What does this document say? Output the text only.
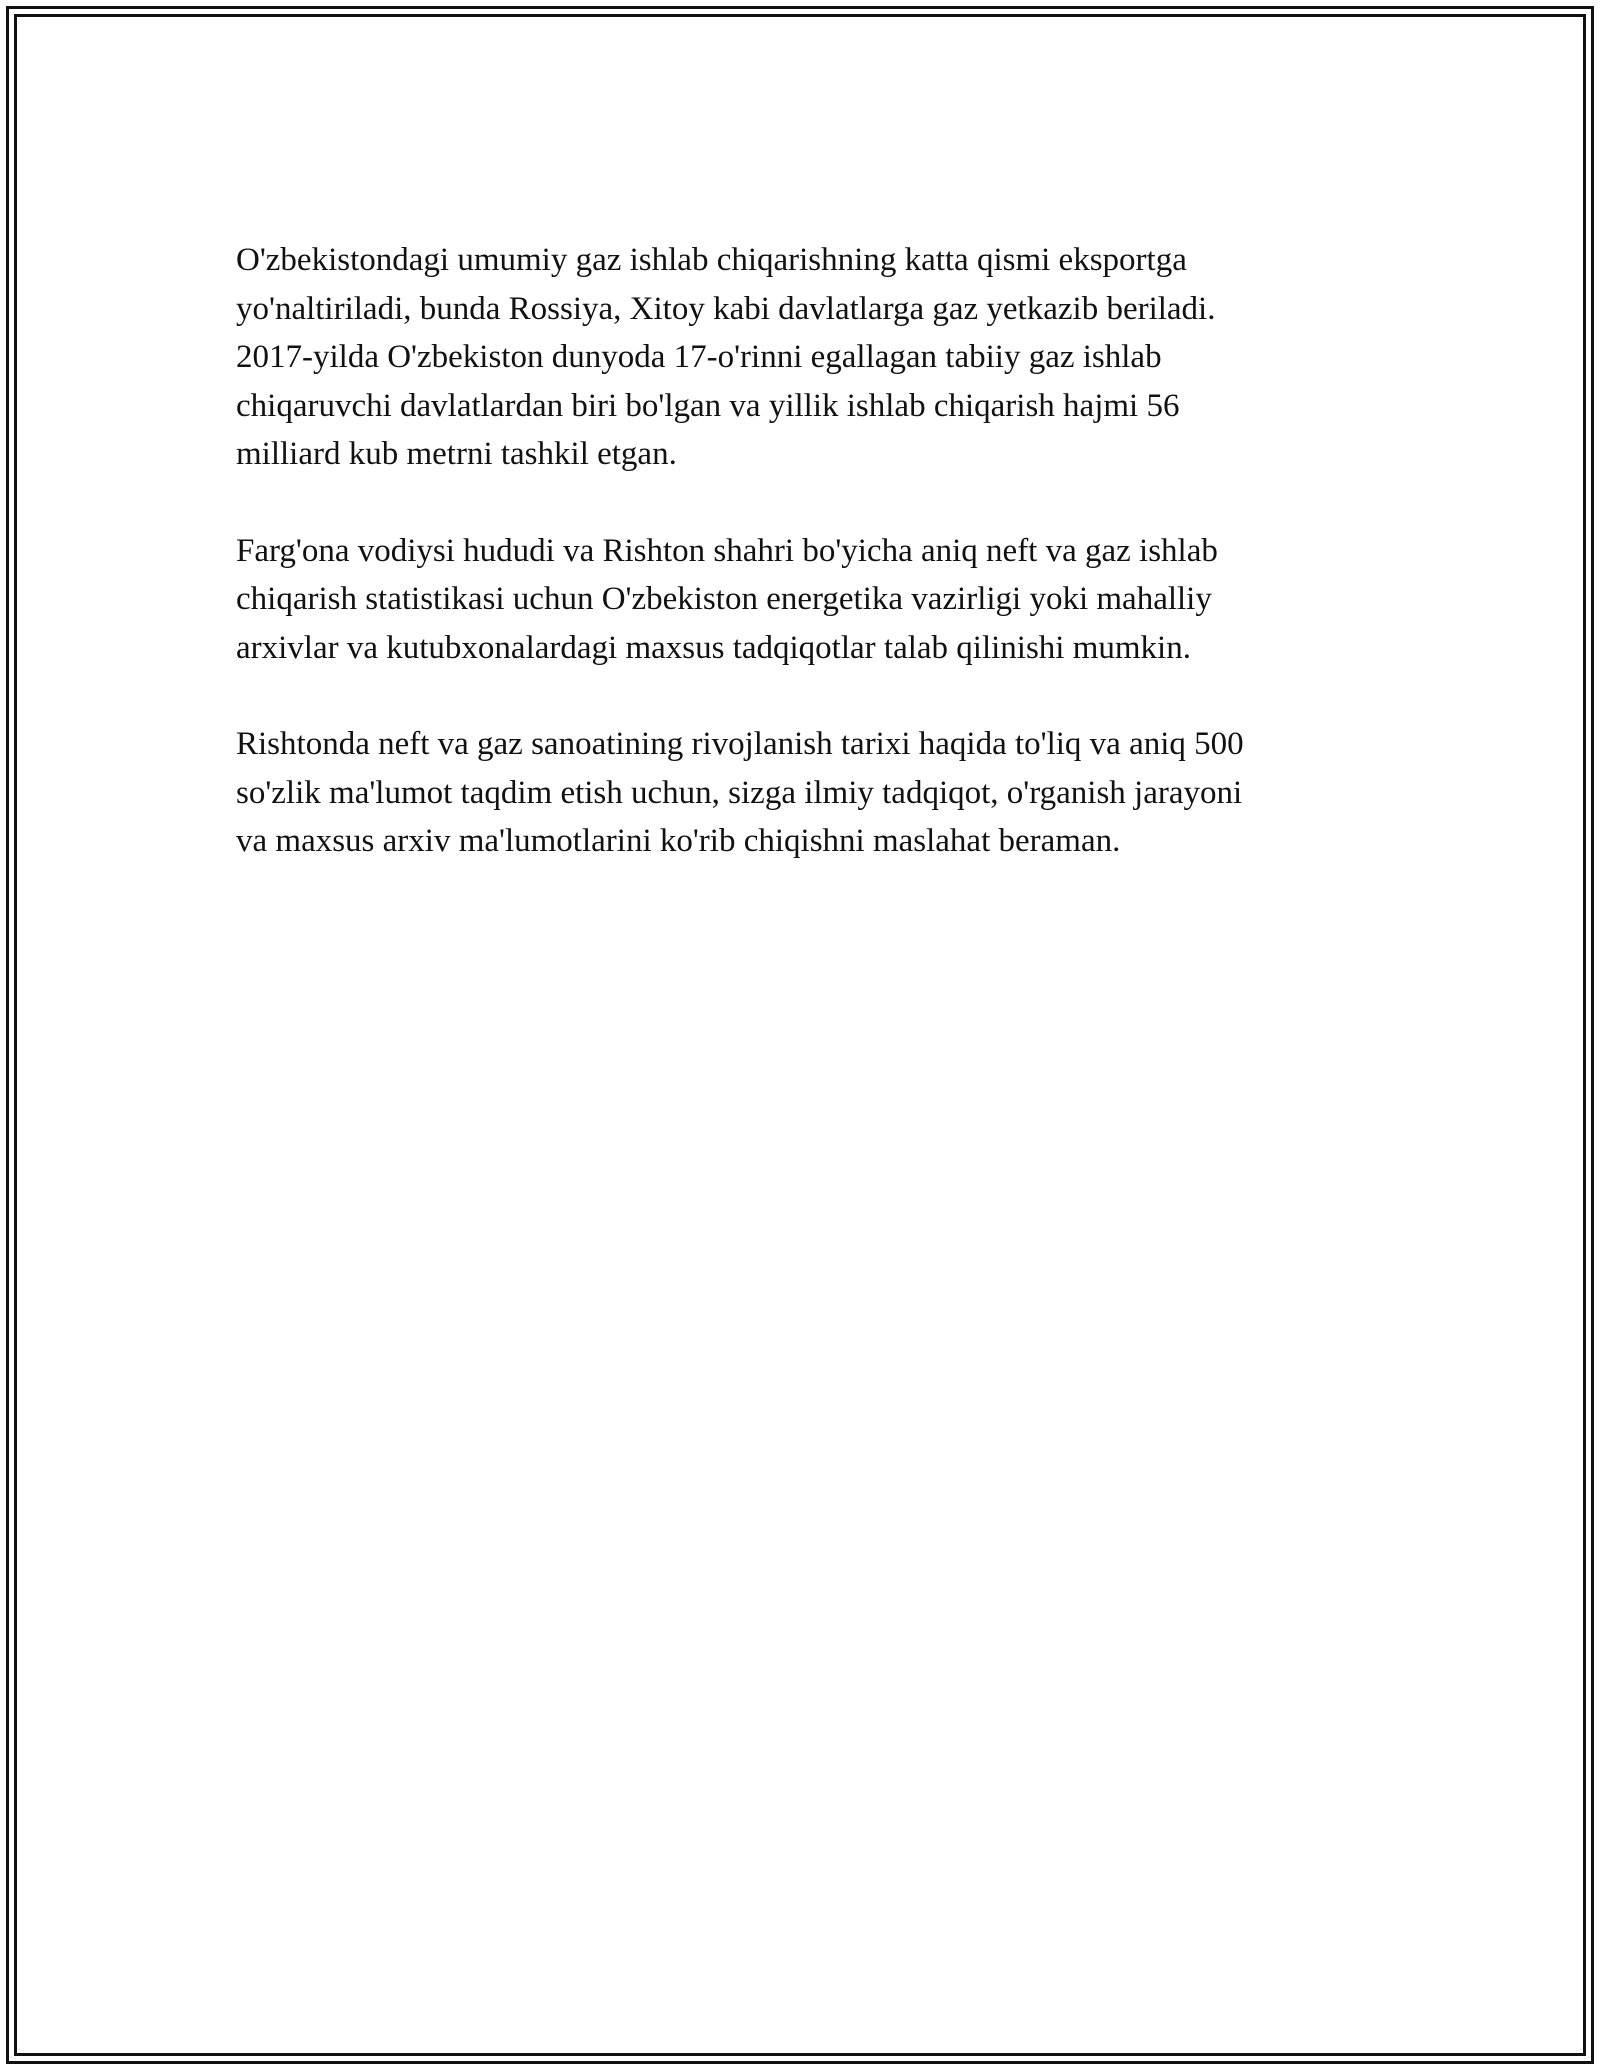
O'zbekistondagi umumiy gaz ishlab chiqarishning katta qismi eksportga
yo'naltiriladi, bunda Rossiya, Xitoy kabi davlatlarga gaz yetkazib beriladi.
2017-yilda O'zbekiston dunyoda 17-o'rinni egallagan tabiiy gaz ishlab
chiqaruvchi davlatlardan biri bo'lgan va yillik ishlab chiqarish hajmi 56
milliard kub metrni tashkil etgan.

Farg'ona vodiysi hududi va Rishton shahri bo'yicha aniq neft va gaz ishlab
chiqarish statistikasi uchun O'zbekiston energetika vazirligi yoki mahalliy
arxivlar va kutubxonalardagi maxsus tadqiqotlar talab qilinishi mumkin.

Rishtonda neft va gaz sanoatining rivojlanish tarixi haqida to'liq va aniq 500
so'zlik ma'lumot taqdim etish uchun, sizga ilmiy tadqiqot, o'rganish jarayoni
va maxsus arxiv ma'lumotlarini ko'rib chiqishni maslahat beraman.
